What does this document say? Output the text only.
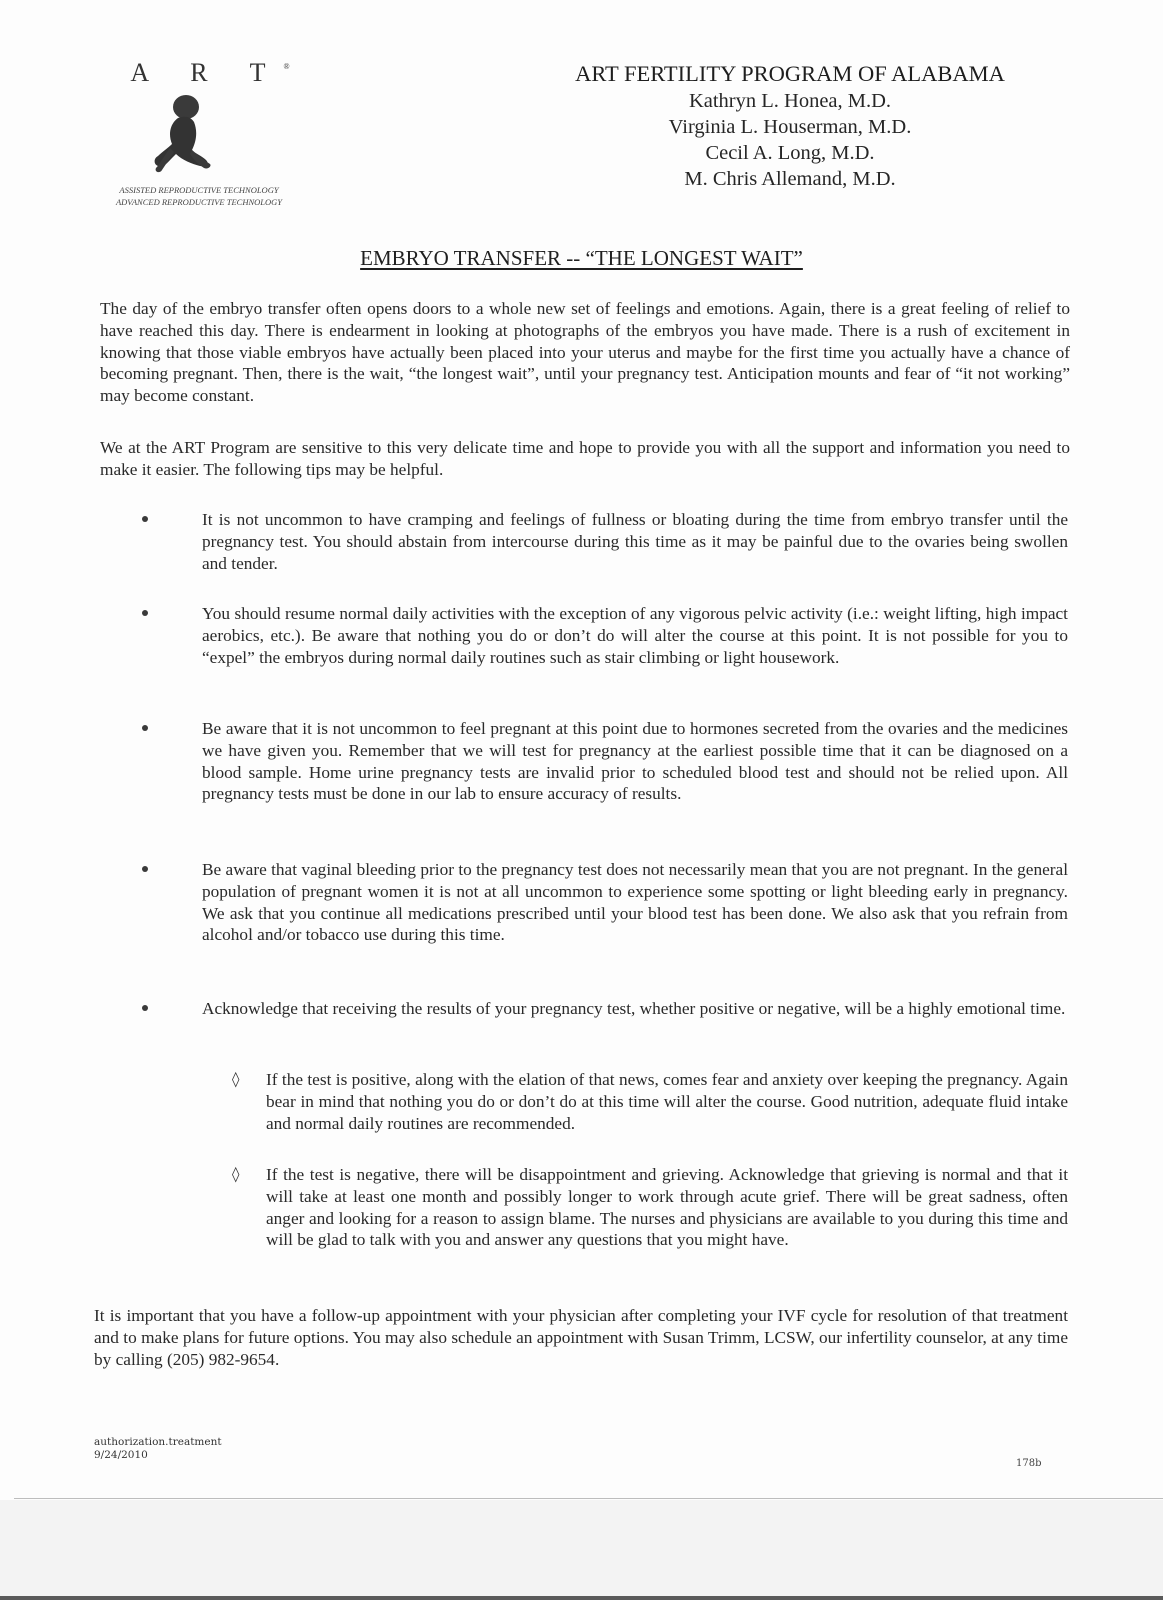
A R T®
ASSISTED REPRODUCTIVE TECHNOLOGY
ADVANCED REPRODUCTIVE TECHNOLOGY
ART FERTILITY PROGRAM OF ALABAMA
Kathryn L. Honea, M.D.
Virginia L. Houserman, M.D.
Cecil A. Long, M.D.
M. Chris Allemand, M.D.
EMBRYO TRANSFER -- “THE LONGEST WAIT”
The day of the embryo transfer often opens doors to a whole new set of feelings and emotions. Again, there is a great feeling of relief to have reached this day. There is endearment in looking at photographs of the embryos you have made. There is a rush of excitement in knowing that those viable embryos have actually been placed into your uterus and maybe for the first time you actually have a chance of becoming pregnant. Then, there is the wait, “the longest wait”, until your pregnancy test. Anticipation mounts and fear of “it not working” may become constant.
We at the ART Program are sensitive to this very delicate time and hope to provide you with all the support and information you need to make it easier. The following tips may be helpful.
It is not uncommon to have cramping and feelings of fullness or bloating during the time from embryo transfer until the pregnancy test. You should abstain from intercourse during this time as it may be painful due to the ovaries being swollen and tender.
You should resume normal daily activities with the exception of any vigorous pelvic activity (i.e.: weight lifting, high impact aerobics, etc.). Be aware that nothing you do or don’t do will alter the course at this point. It is not possible for you to “expel” the embryos during normal daily routines such as stair climbing or light housework.
Be aware that it is not uncommon to feel pregnant at this point due to hormones secreted from the ovaries and the medicines we have given you. Remember that we will test for pregnancy at the earliest possible time that it can be diagnosed on a blood sample. Home urine pregnancy tests are invalid prior to scheduled blood test and should not be relied upon. All pregnancy tests must be done in our lab to ensure accuracy of results.
Be aware that vaginal bleeding prior to the pregnancy test does not necessarily mean that you are not pregnant. In the general population of pregnant women it is not at all uncommon to experience some spotting or light bleeding early in pregnancy. We ask that you continue all medications prescribed until your blood test has been done. We also ask that you refrain from alcohol and/or tobacco use during this time.
Acknowledge that receiving the results of your pregnancy test, whether positive or negative, will be a highly emotional time.
◊ If the test is positive, along with the elation of that news, comes fear and anxiety over keeping the pregnancy. Again bear in mind that nothing you do or don’t do at this time will alter the course. Good nutrition, adequate fluid intake and normal daily routines are recommended.
◊ If the test is negative, there will be disappointment and grieving. Acknowledge that grieving is normal and that it will take at least one month and possibly longer to work through acute grief. There will be great sadness, often anger and looking for a reason to assign blame. The nurses and physicians are available to you during this time and will be glad to talk with you and answer any questions that you might have.
It is important that you have a follow-up appointment with your physician after completing your IVF cycle for resolution of that treatment and to make plans for future options. You may also schedule an appointment with Susan Trimm, LCSW, our infertility counselor, at any time by calling (205) 982-9654.
authorization.treatment
9/24/2010
178b
